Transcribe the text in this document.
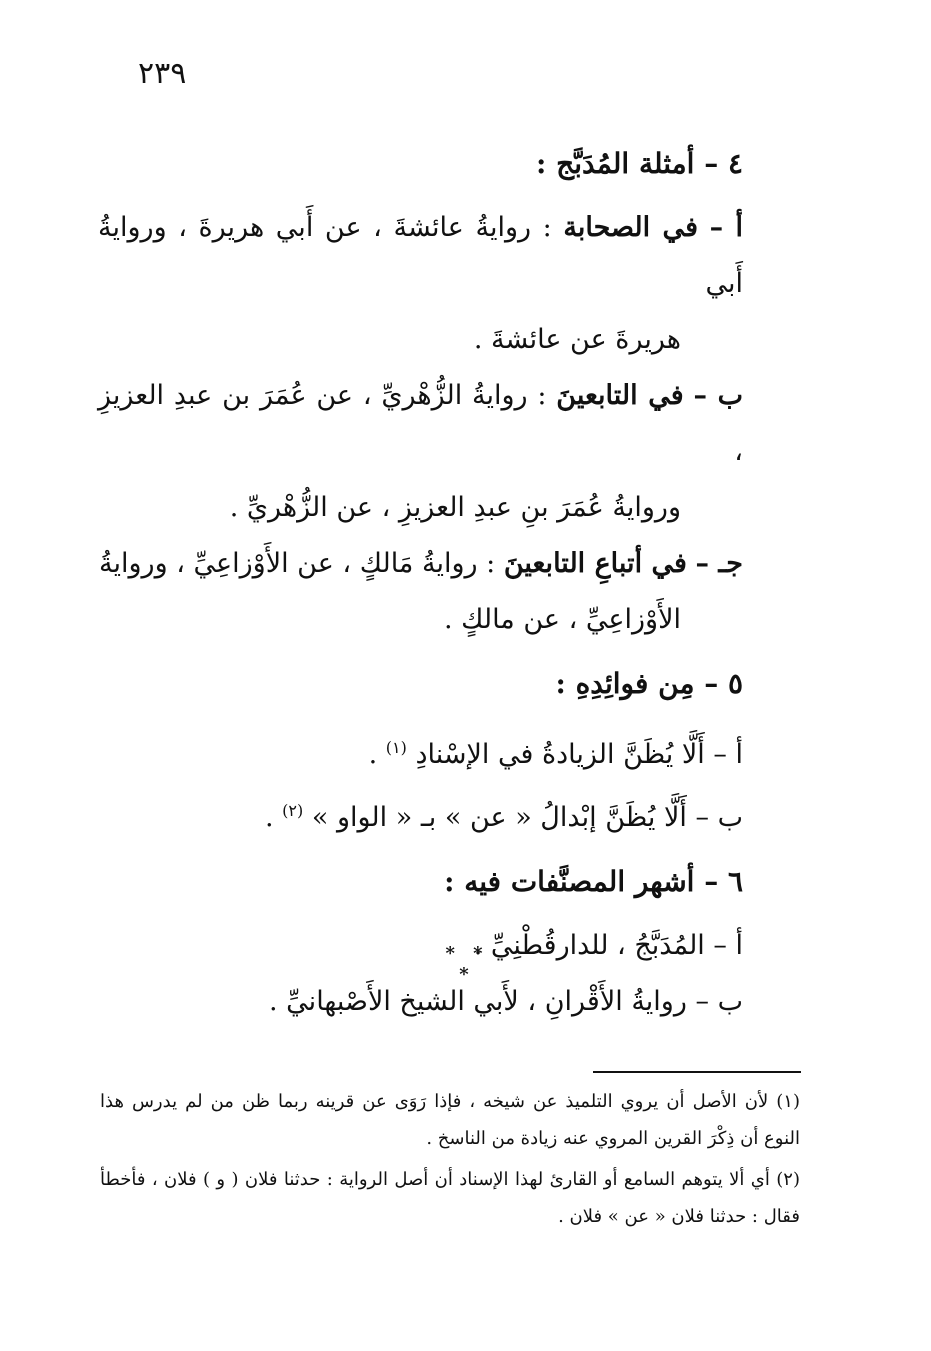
٢٣٩
٤ – أمثلة المُدَبَّج :
أ – في الصحابة : روايةُ عائشةَ ، عن أَبي هريرةَ ، وروايةُ أَبي
هريرةَ عن عائشةَ .
ب – في التابعينَ : روايةُ الزُّهْريِّ ، عن عُمَرَ بن عبدِ العزيزِ ،
وروايةُ عُمَرَ بنِ عبدِ العزيزِ ، عن الزُّهْريِّ .
جـ – في أتباعِ التابعينَ : روايةُ مَالكٍ ، عن الأَوْزاعِيِّ ، وروايةُ
الأَوْزاعِيِّ ، عن مالكٍ .
٥ – مِن فوائِدِهِ :
أ – أَلَّا يُظَنَّ الزيادةُ في الإسْنادِ $^{(١)}$ .
ب – أَلَّا يُظَنَّ إبْدالُ « عن » بـ « الواو » $^{(٢)}$ .
٦ – أشهر المصنَّفات فيه :
أ – المُدَبَّجُ ، للدارقُطْنِيِّ .
ب – روايةُ الأَقْرانِ ، لأَبي الشيخ الأَصْبهانيِّ .
* * *
(١) لأن الأصل أن يروي التلميذ عن شيخه ، فإذا رَوَى عن قرينه ربما ظن من لم يدرس هذا النوع أن ذِكْرَ القرين المروي عنه زيادة من الناسخ .
(٢) أي ألا يتوهم السامع أو القارئ لهذا الإسناد أن أصل الرواية : حدثنا فلان ( و ) فلان ، فأخطأ فقال : حدثنا فلان « عن » فلان .
